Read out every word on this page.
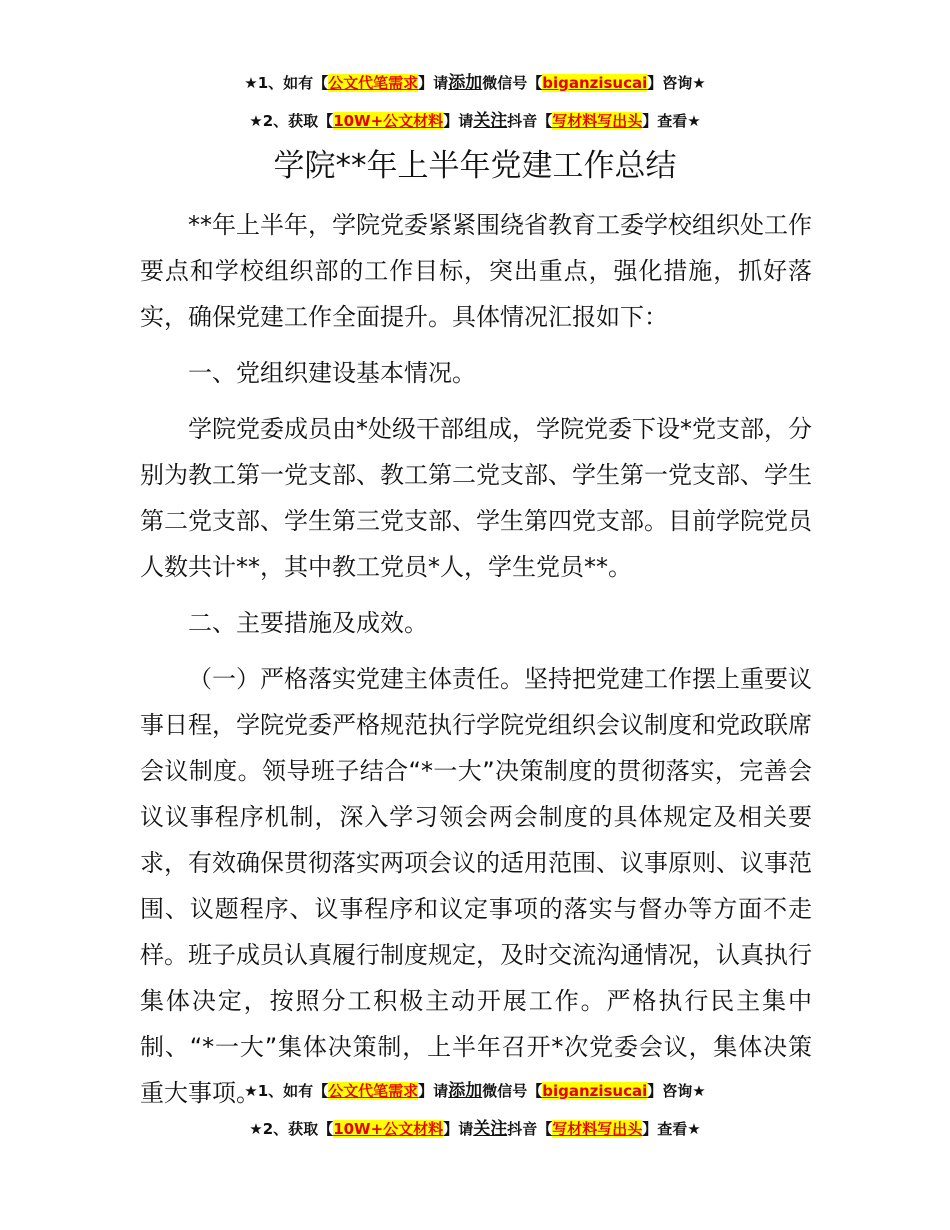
★1、如有【公文代笔需求】请添加微信号【biganzisucai】咨询★
★2、获取【10W+公文材料】请关注抖音【写材料写出头】查看★
学院**年上半年党建工作总结

**年上半年，学院党委紧紧围绕省教育工委学校组织处工作要点和学校组织部的工作目标，突出重点，强化措施，抓好落实，确保党建工作全面提升。具体情况汇报如下：

一、党组织建设基本情况。

学院党委成员由*处级干部组成，学院党委下设*党支部，分别为教工第一党支部、教工第二党支部、学生第一党支部、学生第二党支部、学生第三党支部、学生第四党支部。目前学院党员人数共计**，其中教工党员*人，学生党员**。

二、主要措施及成效。

（一）严格落实党建主体责任。坚持把党建工作摆上重要议事日程，学院党委严格规范执行学院党组织会议制度和党政联席会议制度。领导班子结合“*一大”决策制度的贯彻落实，完善会议议事程序机制，深入学习领会两会制度的具体规定及相关要求，有效确保贯彻落实两项会议的适用范围、议事原则、议事范围、议题程序、议事程序和议定事项的落实与督办等方面不走样。班子成员认真履行制度规定，及时交流沟通情况，认真执行集体决定，按照分工积极主动开展工作。严格执行民主集中制、“*一大”集体决策制，上半年召开*次党委会议，集体决策重大事项。

★1、如有【公文代笔需求】请添加微信号【biganzisucai】咨询★
★2、获取【10W+公文材料】请关注抖音【写材料写出头】查看★
